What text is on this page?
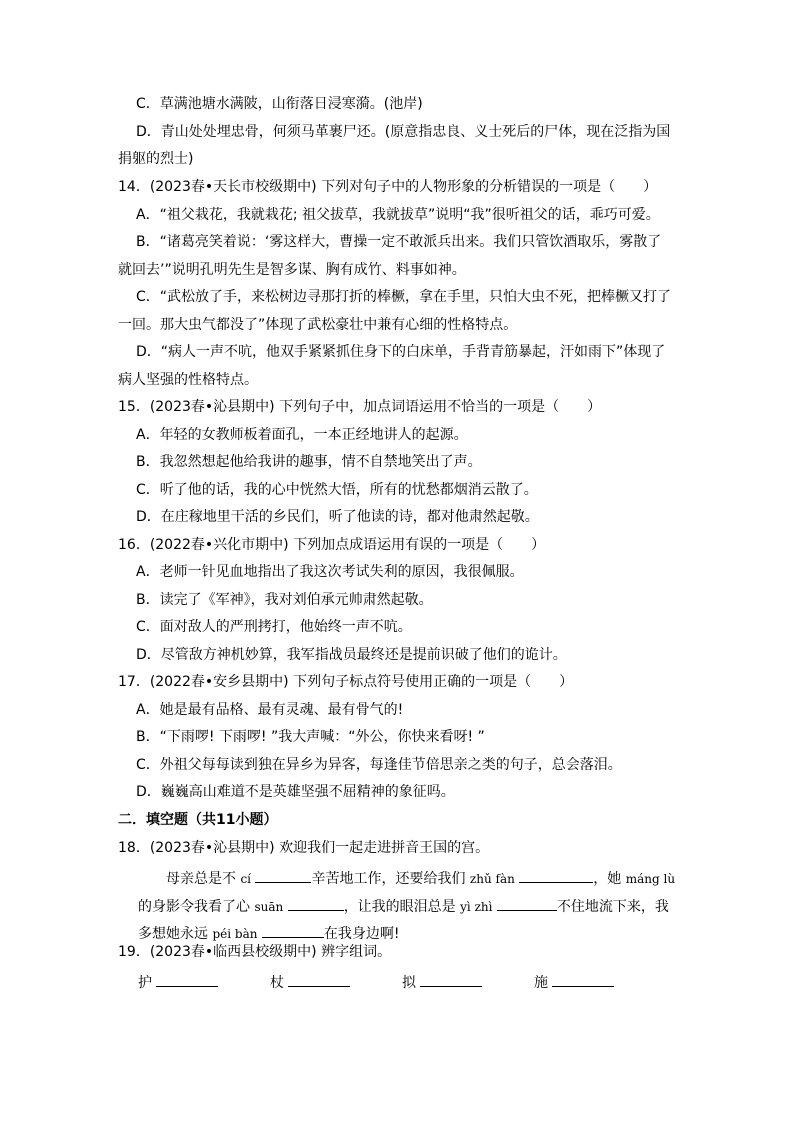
C．草满池塘水满陂，山衔落日浸寒漪。(池岸)
D．青山处处埋忠骨，何须马革裹尸还。(原意指忠良、义士死后的尸体，现在泛指为国
捐躯的烈士)
14．(2023春•天长市校级期中) 下列对句子中的人物形象的分析错误的一项是（　　）
A．“祖父栽花，我就栽花; 祖父拔草，我就拔草”说明“我”很听祖父的话，乖巧可爱。
B．“诸葛亮笑着说：‘雾这样大，曹操一定不敢派兵出来。我们只管饮酒取乐，雾散了
就回去’”说明孔明先生是智多谋、胸有成竹、料事如神。
C．“武松放了手，来松树边寻那打折的棒橛，拿在手里，只怕大虫不死，把棒橛又打了
一回。那大虫气都没了”体现了武松豪壮中兼有心细的性格特点。
D．“病人一声不吭，他双手紧紧抓住身下的白床单，手背青筋暴起，汗如雨下”体现了
病人坚强的性格特点。
15．(2023春•沁县期中) 下列句子中，加点词语运用不恰当的一项是（　　）
A．年轻的女教师板着面孔，一本正经地讲人的起源。
B．我忽然想起他给我讲的趣事，情不自禁地笑出了声。
C．听了他的话，我的心中恍然大悟，所有的忧愁都烟消云散了。
D．在庄稼地里干活的乡民们，听了他读的诗，都对他肃然起敬。
16．(2022春•兴化市期中) 下列加点成语运用有误的一项是（　　）
A．老师一针见血地指出了我这次考试失利的原因，我很佩服。
B．读完了《军神》，我对刘伯承元帅肃然起敬。
C．面对敌人的严刑拷打，他始终一声不吭。
D．尽管敌方神机妙算，我军指战员最终还是提前识破了他们的诡计。
17．(2022春•安乡县期中) 下列句子标点符号使用正确的一项是（　　）
A．她是最有品格、最有灵魂、最有骨气的!
B．“下雨啰! 下雨啰! ”我大声喊：“外公，你快来看呀! ”
C．外祖父每每读到独在异乡为异客，每逢佳节倍思亲之类的句子，总会落泪。
D．巍巍高山难道不是英雄坚强不屈精神的象征吗。
二．填空题（共11小题）
18．(2023春•沁县期中) 欢迎我们一起走进拼音王国的宫。
母亲总是不 cí	辛苦地工作，还要给我们 zhǔ fàn	，她 máng lù
的身影令我看了心 suān	，让我的眼泪总是 yì zhì	不住地流下来，我
多想她永远 péi bàn	在我身边啊!
19．(2023春•临西县校级期中) 辨字组词。
护	杖	拟	施
